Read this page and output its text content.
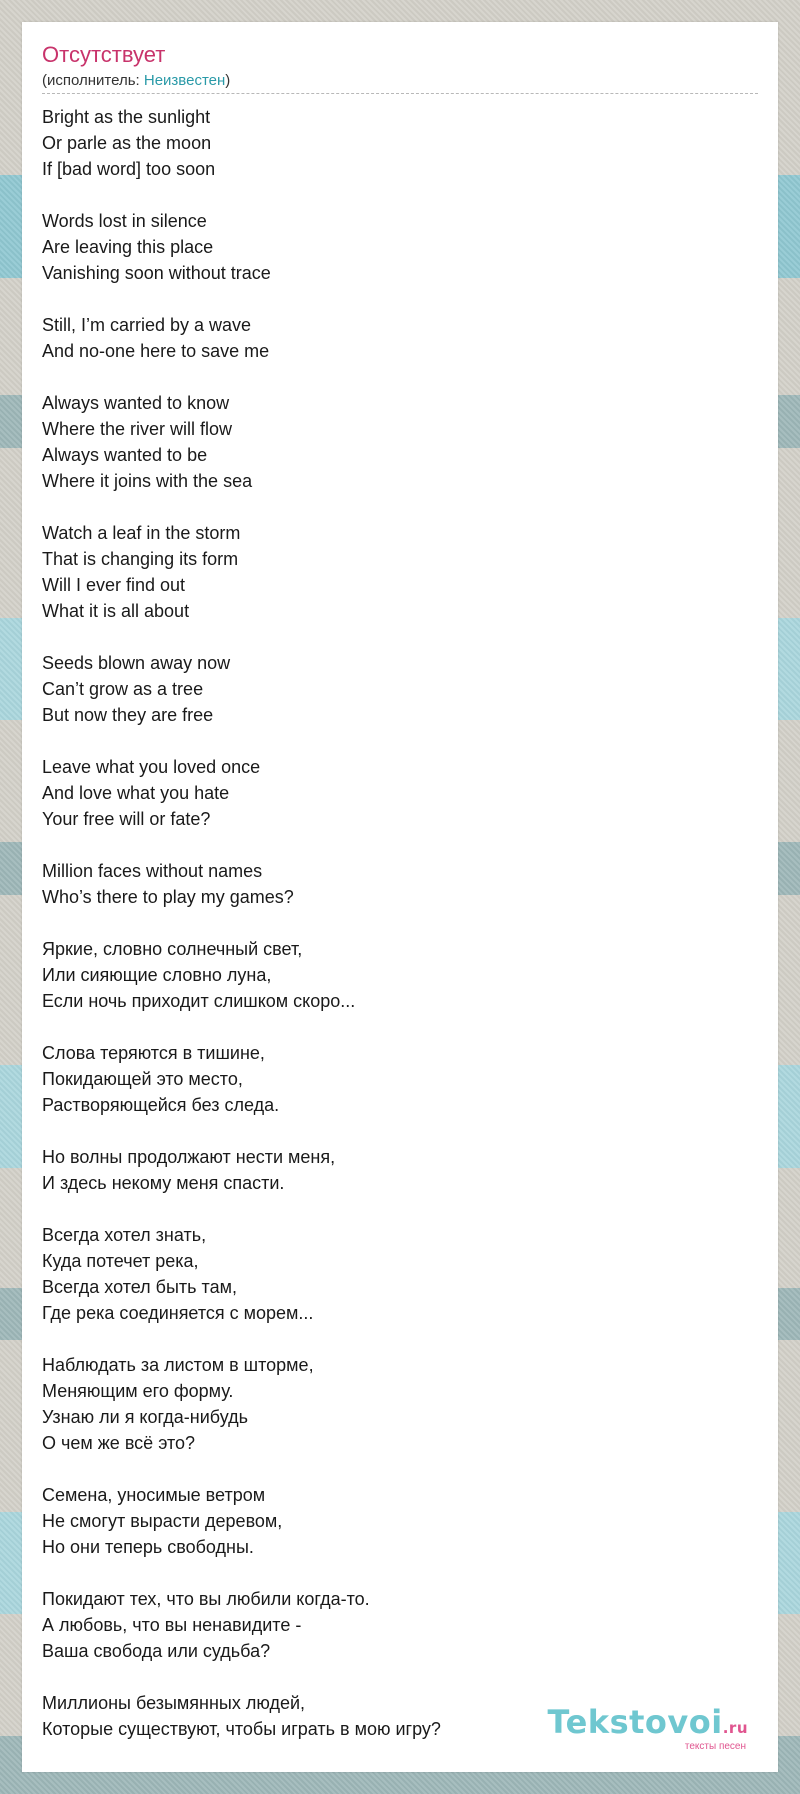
Отсутствует
(исполнитель: Неизвестен)
Bright as the sunlight
Or parle as the moon
If [bad word] too soon
Words lost in silence
Are leaving this place
Vanishing soon without trace
Still, I’m carried by a wave
And no-one here to save me
Always wanted to know
Where the river will flow
Always wanted to be
Where it joins with the sea
Watch a leaf in the storm
That is changing its form
Will I ever find out
What it is all about
Seeds blown away now
Can’t grow as a tree
But now they are free
Leave what you loved once
And love what you hate
Your free will or fate?
Million faces without names
Who’s there to play my games?
Яркие, словно солнечный свет,
Или сияющие словно луна,
Если ночь приходит слишком скоро...
Слова теряются в тишине,
Покидающей это место,
Растворяющейся без следа.
Но волны продолжают нести меня,
И здесь некому меня спасти.
Всегда хотел знать,
Куда потечет река,
Всегда хотел быть там,
Где река соединяется с морем...
Наблюдать за листом в шторме,
Меняющим его форму.
Узнаю ли я когда-нибудь
О чем же всё это?
Семена, уносимые ветром
Не смогут вырасти деревом,
Но они теперь свободны.
Покидают тех, что вы любили когда-то.
А любовь, что вы ненавидите -
Ваша свобода или судьба?
Миллионы безымянных людей,
Которые существуют, чтобы играть в мою игру?	Tekstovoi.ru
тексты песен
